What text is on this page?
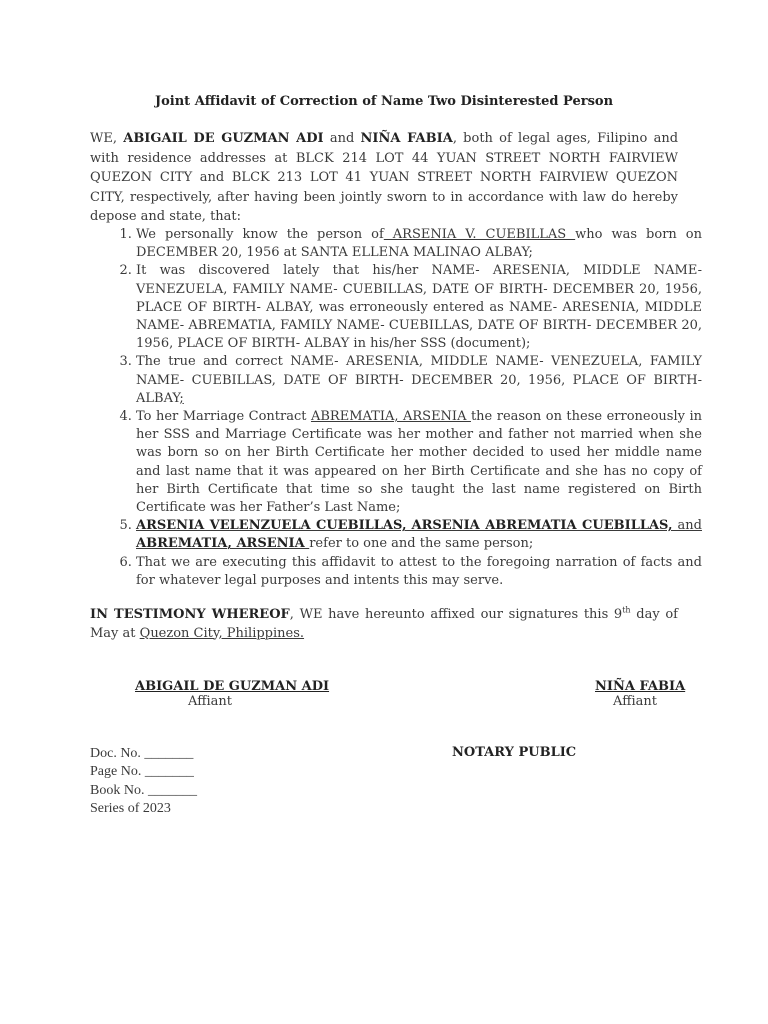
Joint Affidavit of Correction of Name Two Disinterested Person
WE, ABIGAIL DE GUZMAN ADI and NIÑA FABIA, both of legal ages, Filipino and with residence addresses at BLCK 214 LOT 44 YUAN STREET NORTH FAIRVIEW QUEZON CITY and BLCK 213 LOT 41 YUAN STREET NORTH FAIRVIEW QUEZON CITY, respectively, after having been jointly sworn to in accordance with law do hereby depose and state, that:
1. We personally know the person of ARSENIA V. CUEBILLAS who was born on DECEMBER 20, 1956 at SANTA ELLENA MALINAO ALBAY;
2. It was discovered lately that his/her NAME- ARESENIA, MIDDLE NAME- VENEZUELA, FAMILY NAME- CUEBILLAS, DATE OF BIRTH- DECEMBER 20, 1956, PLACE OF BIRTH- ALBAY, was erroneously entered as NAME- ARESENIA, MIDDLE NAME- ABREMATIA, FAMILY NAME- CUEBILLAS, DATE OF BIRTH- DECEMBER 20, 1956, PLACE OF BIRTH- ALBAY in his/her SSS (document);
3. The true and correct NAME- ARESENIA, MIDDLE NAME- VENEZUELA, FAMILY NAME- CUEBILLAS, DATE OF BIRTH- DECEMBER 20, 1956, PLACE OF BIRTH- ALBAY;
4. To her Marriage Contract ABREMATIA, ARSENIA the reason on these erroneously in her SSS and Marriage Certificate was her mother and father not married when she was born so on her Birth Certificate her mother decided to used her middle name and last name that it was appeared on her Birth Certificate and she has no copy of her Birth Certificate that time so she taught the last name registered on Birth Certificate was her Father’s Last Name;
5. ARSENIA VELENZUELA CUEBILLAS, ARSENIA ABREMATIA CUEBILLAS, and ABREMATIA, ARSENIA refer to one and the same person;
6. That we are executing this affidavit to attest to the foregoing narration of facts and for whatever legal purposes and intents this may serve.
IN TESTIMONY WHEREOF, WE have hereunto affixed our signatures this 9th day of May at Quezon City, Philippines.
ABIGAIL DE GUZMAN ADI
Affiant
NIÑA FABIA
Affiant
NOTARY PUBLIC
Doc. No. _______
Page No. _______
Book No. _______
Series of 2023
